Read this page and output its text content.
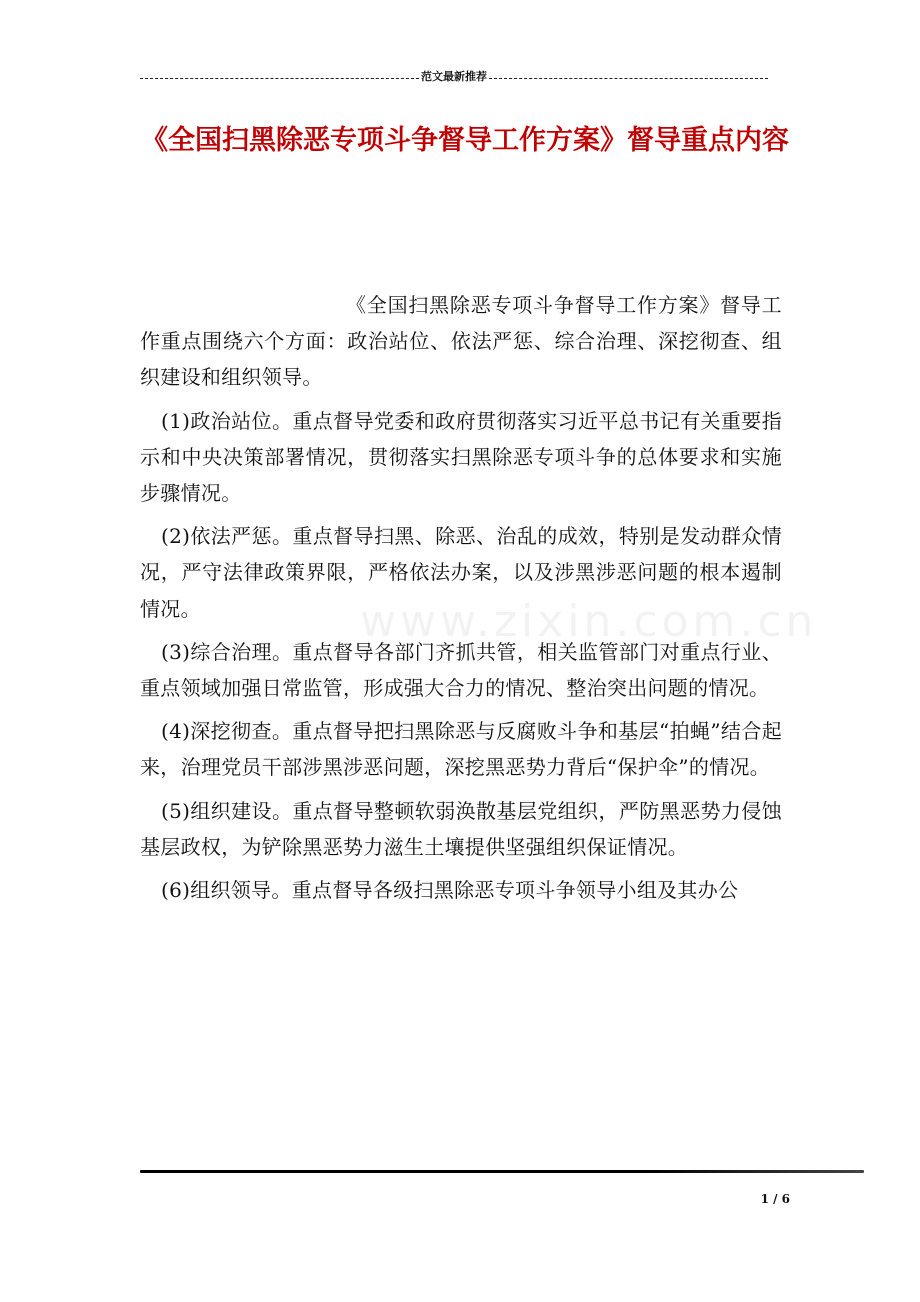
范文最新推荐
《全国扫黑除恶专项斗争督导工作方案》督导重点内容
www.zixin.com.cn

《全国扫黑除恶专项斗争督导工作方案》督导工作重点围绕六个方面：政治站位、依法严惩、综合治理、深挖彻查、组织建设和组织领导。

(1)政治站位。重点督导党委和政府贯彻落实习近平总书记有关重要指示和中央决策部署情况，贯彻落实扫黑除恶专项斗争的总体要求和实施步骤情况。

(2)依法严惩。重点督导扫黑、除恶、治乱的成效，特别是发动群众情况，严守法律政策界限，严格依法办案，以及涉黑涉恶问题的根本遏制情况。

(3)综合治理。重点督导各部门齐抓共管，相关监管部门对重点行业、重点领域加强日常监管，形成强大合力的情况、整治突出问题的情况。

(4)深挖彻查。重点督导把扫黑除恶与反腐败斗争和基层“拍蝇”结合起来，治理党员干部涉黑涉恶问题，深挖黑恶势力背后“保护伞”的情况。

(5)组织建设。重点督导整顿软弱涣散基层党组织，严防黑恶势力侵蚀基层政权，为铲除黑恶势力滋生土壤提供坚强组织保证情况。

(6)组织领导。重点督导各级扫黑除恶专项斗争领导小组及其办公

1 / 6
